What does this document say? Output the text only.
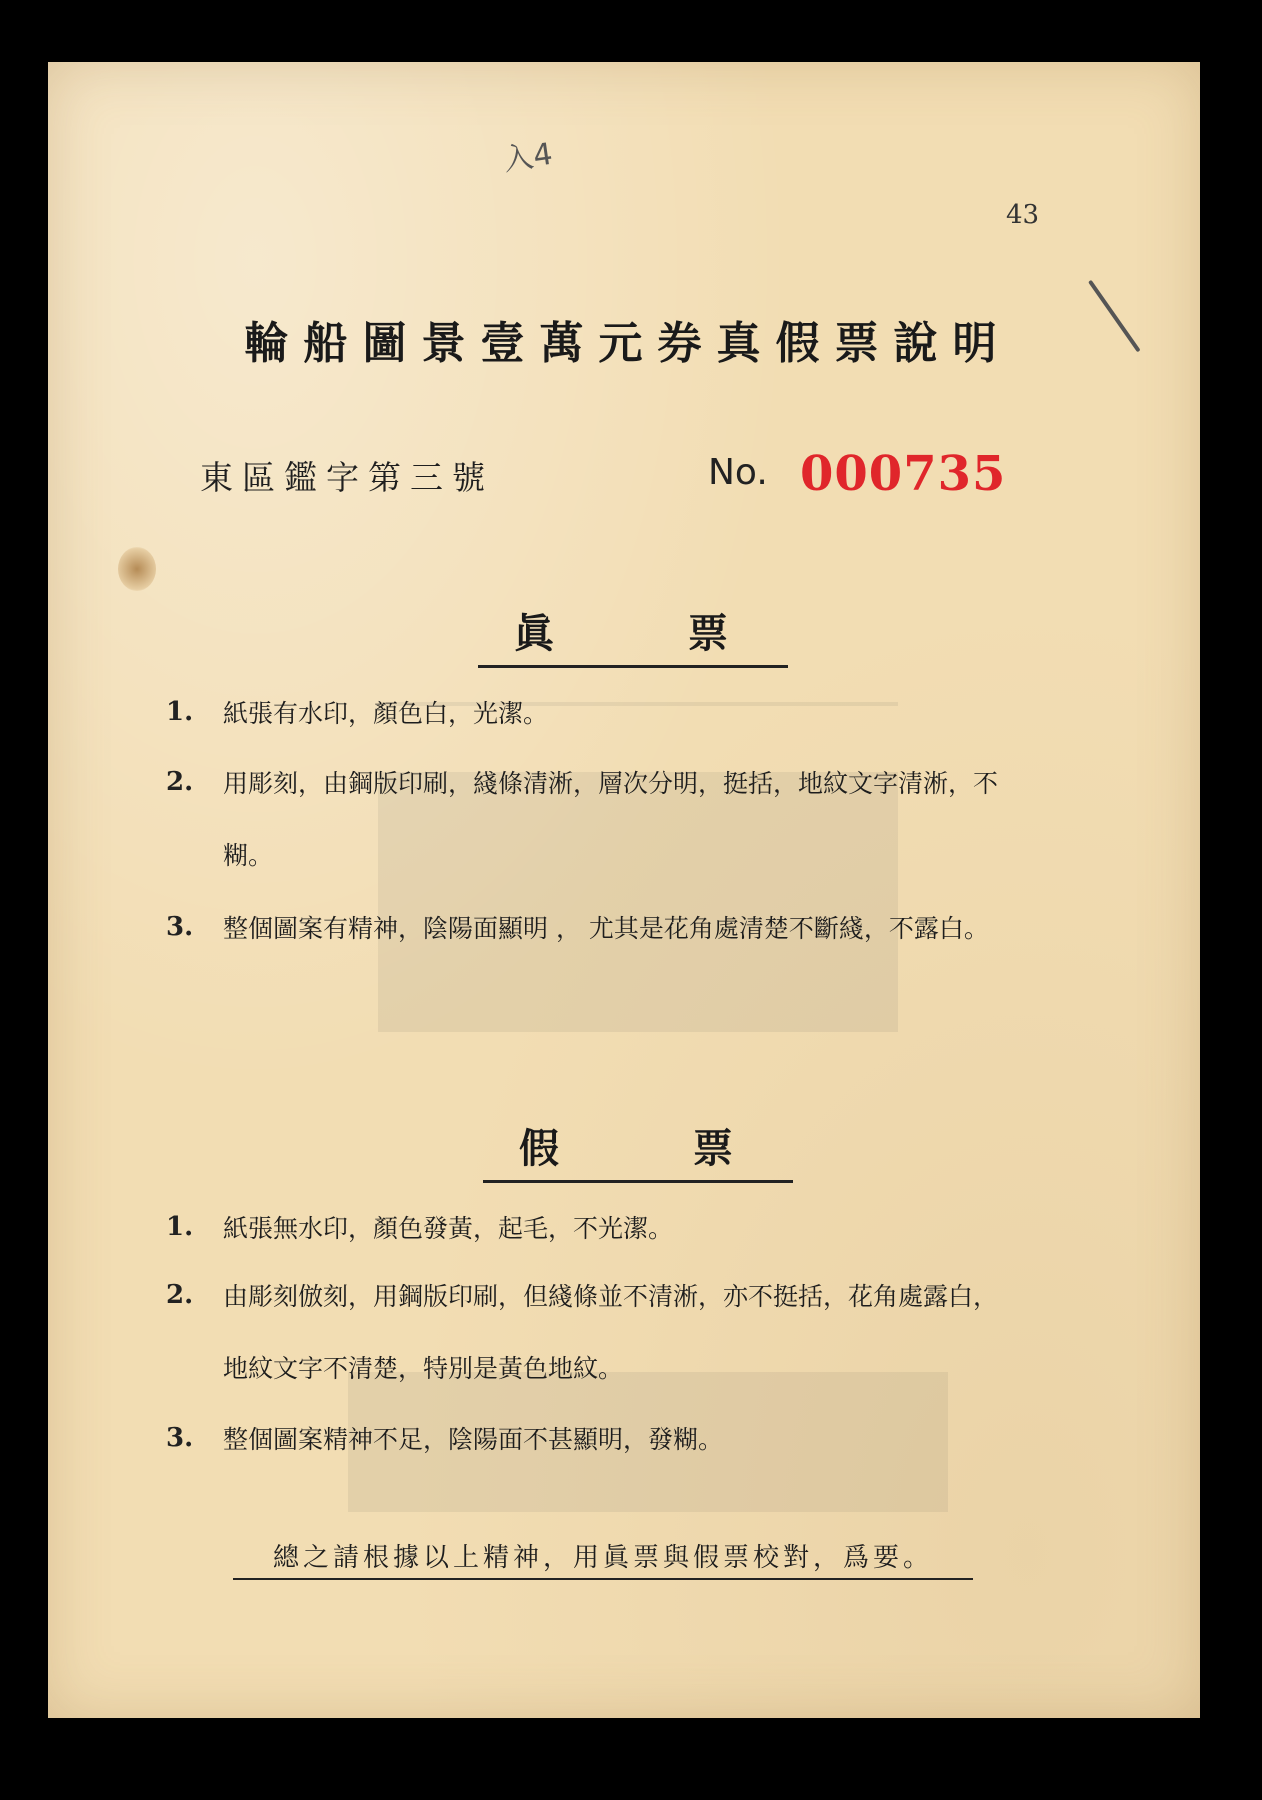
入4
43
輪船圖景壹萬元券真假票說明
東區鑑字第三號	No. 000735
眞 票
1. 紙張有水印，顏色白，光潔。
2. 用彫刻，由鋼版印刷，綫條清淅，層次分明，挺括，地紋文字清淅，不糊。
3. 整個圖案有精神，陰陽面顯明 ， 尤其是花角處清楚不斷綫，不露白。
假 票
1. 紙張無水印，顏色發黃，起毛，不光潔。
2. 由彫刻倣刻，用鋼版印刷，但綫條並不清淅，亦不挺括，花角處露白，地紋文字不清楚，特別是黃色地紋。
3. 整個圖案精神不足，陰陽面不甚顯明，發糊。
總之請根據以上精神，用眞票與假票校對，爲要。
